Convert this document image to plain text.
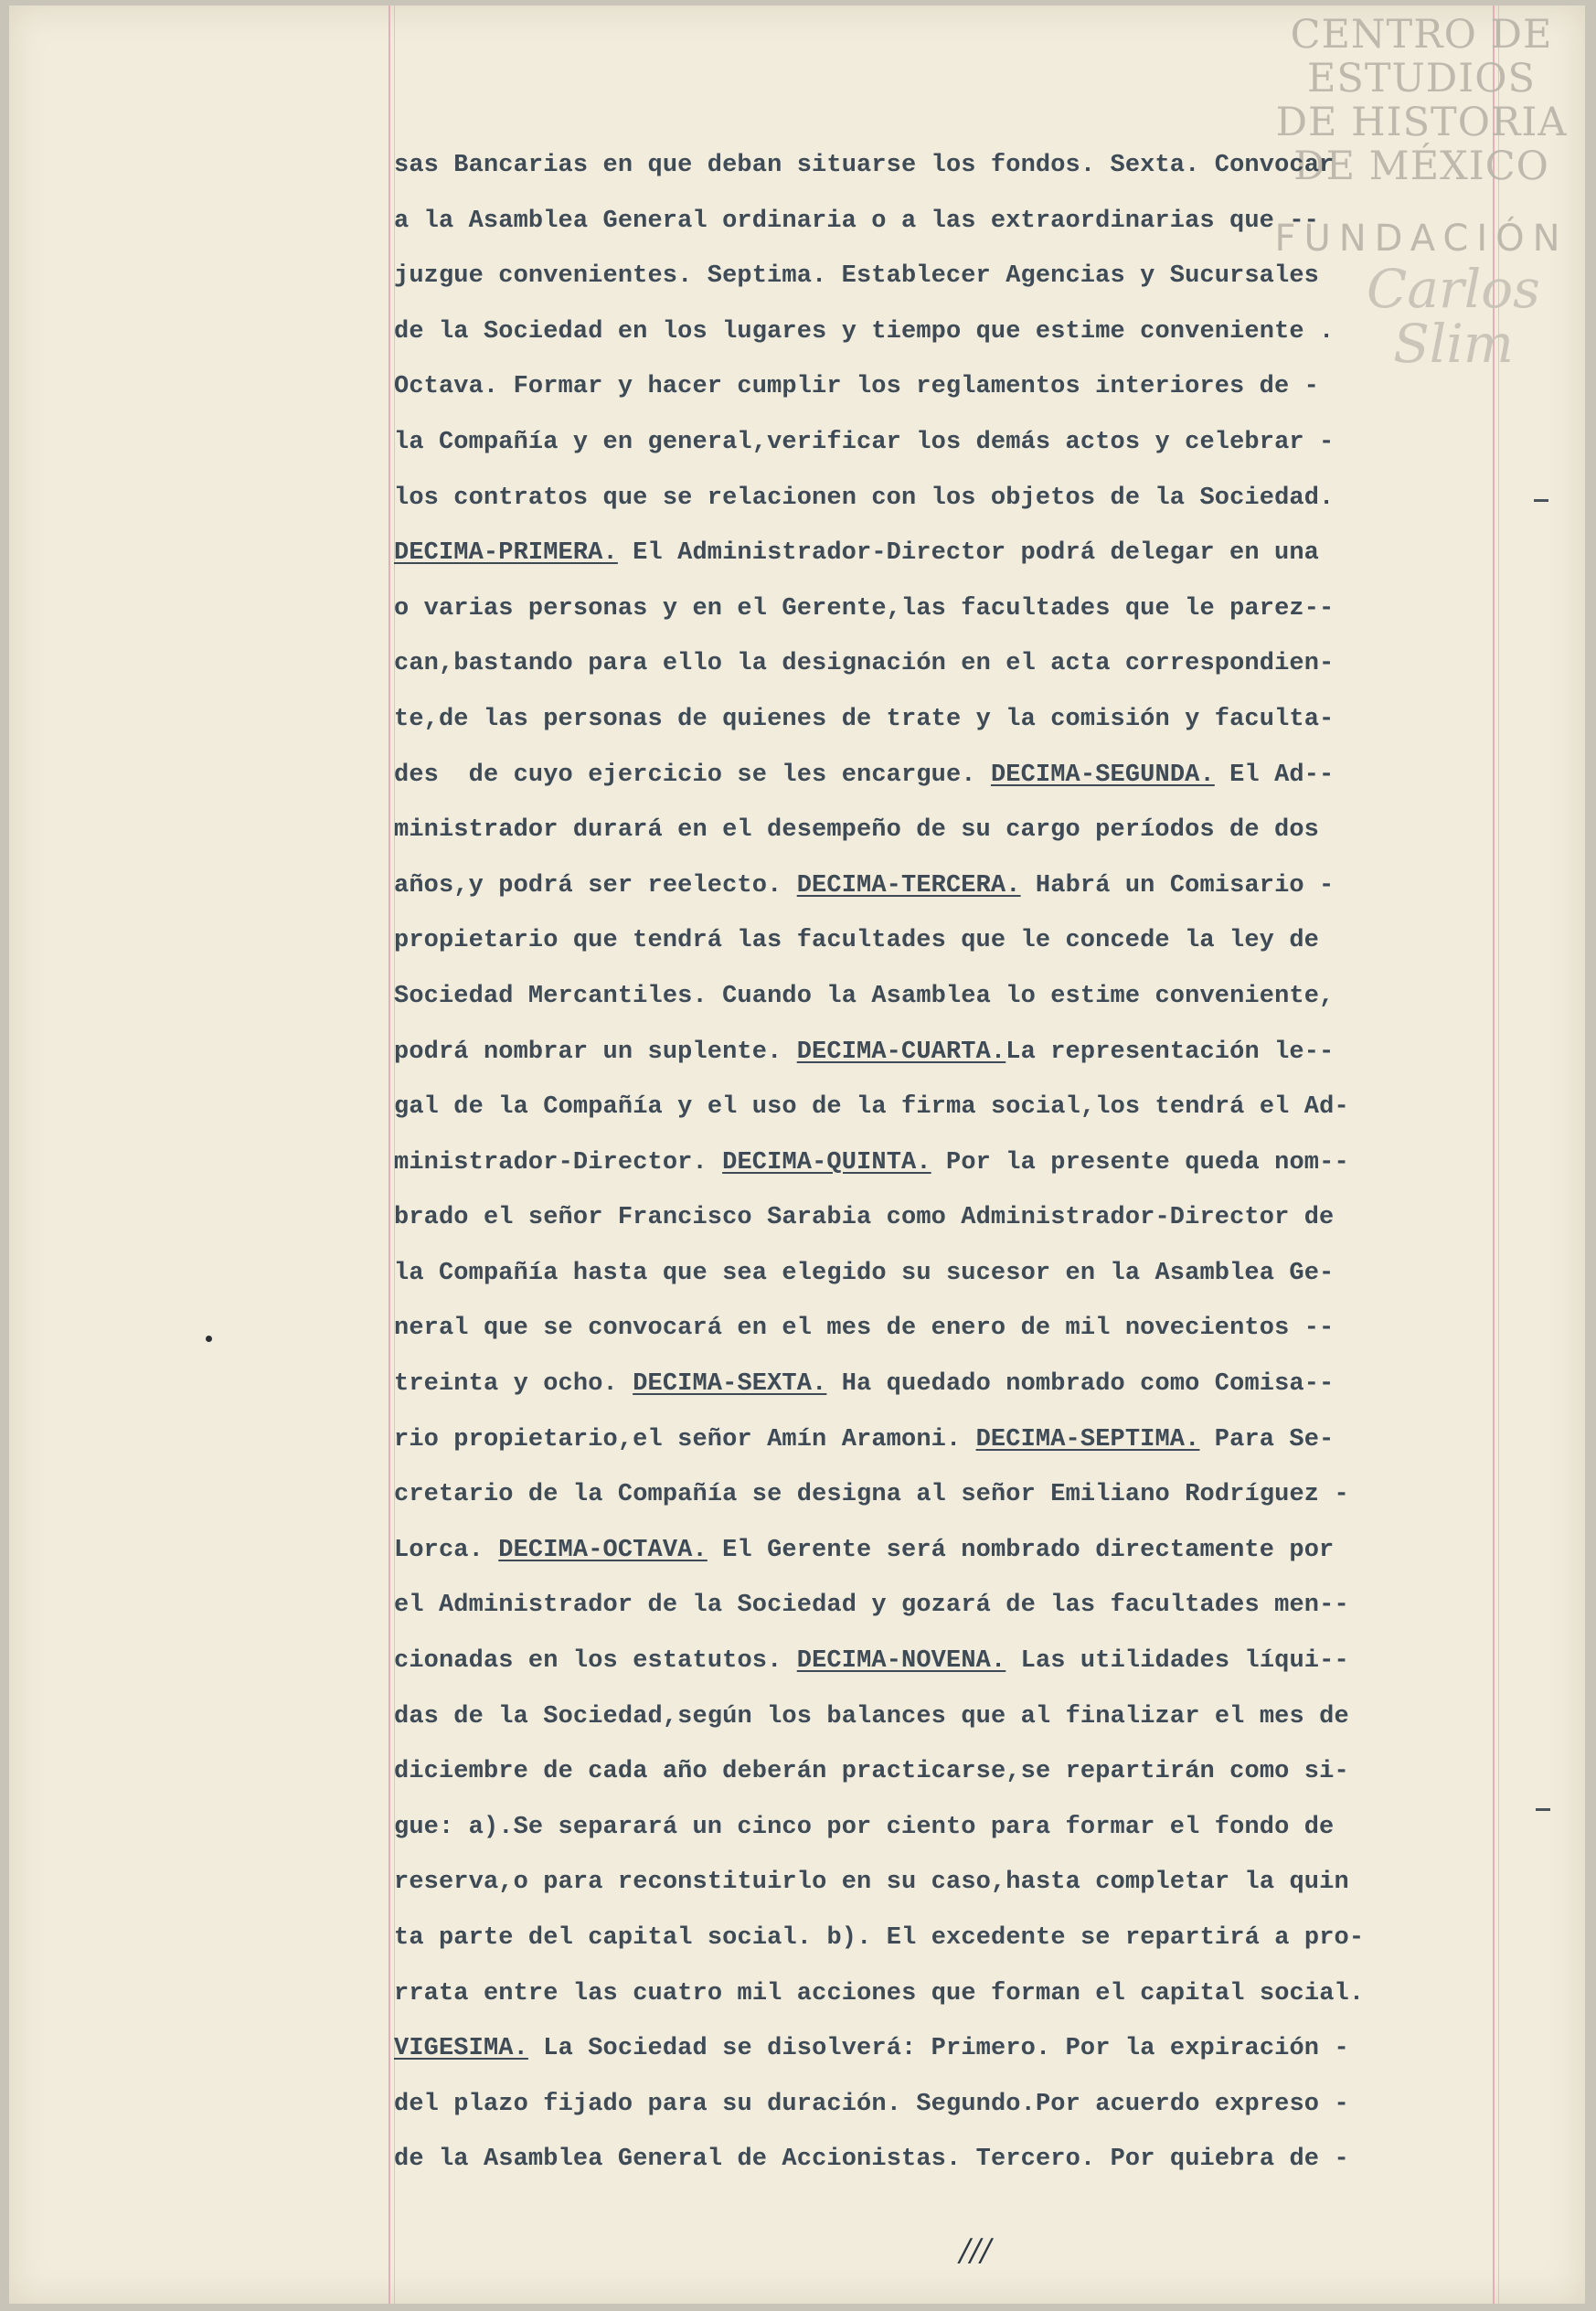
CENTRO DE
ESTUDIOS
DE HISTORIA
DE MÉXICO
FUNDACIÓN
Carlos Slim
sas Bancarias en que deban situarse los fondos. Sexta. Convocar
a la Asamblea General ordinaria o a las extraordinarias que --
juzgue convenientes. Septima. Establecer Agencias y Sucursales
de la Sociedad en los lugares y tiempo que estime conveniente .
Octava. Formar y hacer cumplir los reglamentos interiores de -
la Compañía y en general,verificar los demás actos y celebrar -
los contratos que se relacionen con los objetos de la Sociedad.
DECIMA-PRIMERA. El Administrador-Director podrá delegar en una
o varias personas y en el Gerente,las facultades que le parez--
can,bastando para ello la designación en el acta correspondien-
te,de las personas de quienes de trate y la comisión y faculta-
des  de cuyo ejercicio se les encargue. DECIMA-SEGUNDA. El Ad--
ministrador durará en el desempeño de su cargo períodos de dos
años,y podrá ser reelecto. DECIMA-TERCERA. Habrá un Comisario -
propietario que tendrá las facultades que le concede la ley de
Sociedad Mercantiles. Cuando la Asamblea lo estime conveniente,
podrá nombrar un suplente. DECIMA-CUARTA.La representación le--
gal de la Compañía y el uso de la firma social,los tendrá el Ad-
ministrador-Director. DECIMA-QUINTA. Por la presente queda nom--
brado el señor Francisco Sarabia como Administrador-Director de
la Compañía hasta que sea elegido su sucesor en la Asamblea Ge-
neral que se convocará en el mes de enero de mil novecientos --
treinta y ocho. DECIMA-SEXTA. Ha quedado nombrado como Comisa--
rio propietario,el señor Amín Aramoni. DECIMA-SEPTIMA. Para Se-
cretario de la Compañía se designa al señor Emiliano Rodríguez -
Lorca. DECIMA-OCTAVA. El Gerente será nombrado directamente por
el Administrador de la Sociedad y gozará de las facultades men--
cionadas en los estatutos. DECIMA-NOVENA. Las utilidades líqui--
das de la Sociedad,según los balances que al finalizar el mes de
diciembre de cada año deberán practicarse,se repartirán como si-
gue: a).Se separará un cinco por ciento para formar el fondo de
reserva,o para reconstituirlo en su caso,hasta completar la quin
ta parte del capital social. b). El excedente se repartirá a pro-
rrata entre las cuatro mil acciones que forman el capital social.
VIGESIMA. La Sociedad se disolverá: Primero. Por la expiración -
del plazo fijado para su duración. Segundo.Por acuerdo expreso -
de la Asamblea General de Accionistas. Tercero. Por quiebra de -
///
